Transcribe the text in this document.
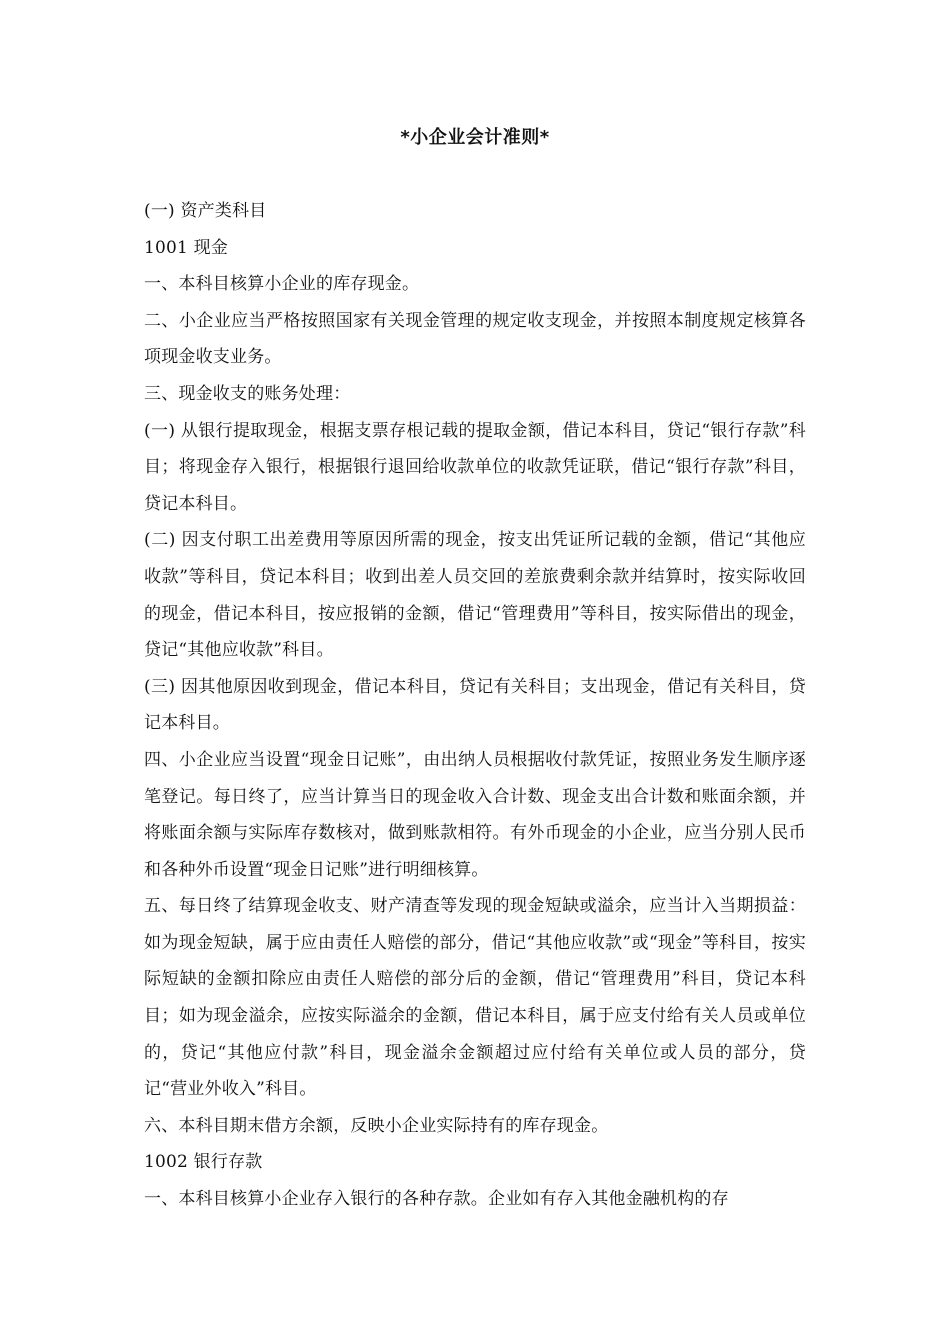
*小企业会计准则*

(一) 资产类科目

1001 现金

一、本科目核算小企业的库存现金。

二、小企业应当严格按照国家有关现金管理的规定收支现金，并按照本制度规定核算各项现金收支业务。

三、现金收支的账务处理：

(一) 从银行提取现金，根据支票存根记载的提取金额，借记本科目，贷记“银行存款”科目；将现金存入银行，根据银行退回给收款单位的收款凭证联，借记“银行存款”科目，贷记本科目。

(二) 因支付职工出差费用等原因所需的现金，按支出凭证所记载的金额，借记“其他应收款”等科目，贷记本科目；收到出差人员交回的差旅费剩余款并结算时，按实际收回的现金，借记本科目，按应报销的金额，借记“管理费用”等科目，按实际借出的现金，贷记“其他应收款”科目。

(三) 因其他原因收到现金，借记本科目，贷记有关科目；支出现金，借记有关科目，贷记本科目。

四、小企业应当设置“现金日记账”，由出纳人员根据收付款凭证，按照业务发生顺序逐笔登记。每日终了，应当计算当日的现金收入合计数、现金支出合计数和账面余额，并将账面余额与实际库存数核对，做到账款相符。有外币现金的小企业，应当分别人民币和各种外币设置“现金日记账”进行明细核算。

五、每日终了结算现金收支、财产清查等发现的现金短缺或溢余，应当计入当期损益：如为现金短缺，属于应由责任人赔偿的部分，借记“其他应收款”或“现金”等科目，按实际短缺的金额扣除应由责任人赔偿的部分后的金额，借记“管理费用”科目，贷记本科目；如为现金溢余，应按实际溢余的金额，借记本科目，属于应支付给有关人员或单位的，贷记“其他应付款”科目，现金溢余金额超过应付给有关单位或人员的部分，贷记“营业外收入”科目。

六、本科目期末借方余额，反映小企业实际持有的库存现金。

1002 银行存款

一、本科目核算小企业存入银行的各种存款。企业如有存入其他金融机构的存
